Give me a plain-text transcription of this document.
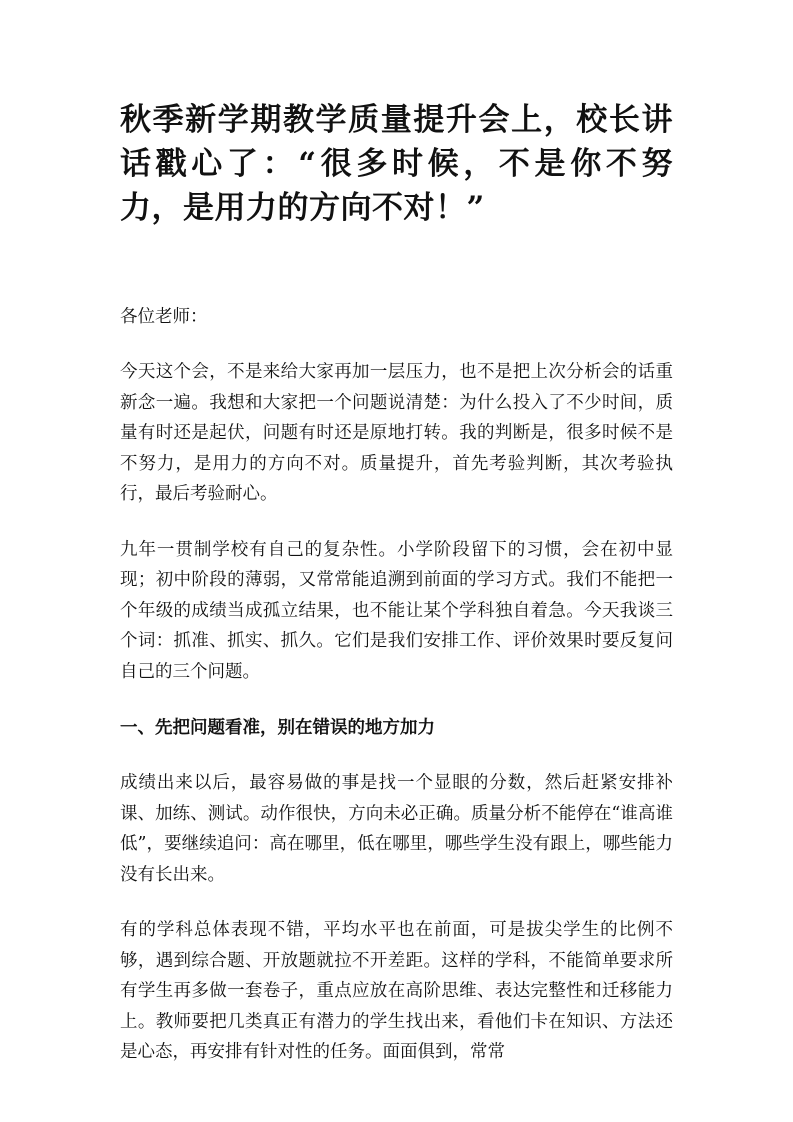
秋季新学期教学质量提升会上，校长讲话戳心了：“很多时候，不是你不努力，是用力的方向不对！”

各位老师：

今天这个会，不是来给大家再加一层压力，也不是把上次分析会的话重新念一遍。我想和大家把一个问题说清楚：为什么投入了不少时间，质量有时还是起伏，问题有时还是原地打转。我的判断是，很多时候不是不努力，是用力的方向不对。质量提升，首先考验判断，其次考验执行，最后考验耐心。

九年一贯制学校有自己的复杂性。小学阶段留下的习惯，会在初中显现；初中阶段的薄弱，又常常能追溯到前面的学习方式。我们不能把一个年级的成绩当成孤立结果，也不能让某个学科独自着急。今天我谈三个词：抓准、抓实、抓久。它们是我们安排工作、评价效果时要反复问自己的三个问题。

一、先把问题看准，别在错误的地方加力

成绩出来以后，最容易做的事是找一个显眼的分数，然后赶紧安排补课、加练、测试。动作很快，方向未必正确。质量分析不能停在“谁高谁低”，要继续追问：高在哪里，低在哪里，哪些学生没有跟上，哪些能力没有长出来。

有的学科总体表现不错，平均水平也在前面，可是拔尖学生的比例不够，遇到综合题、开放题就拉不开差距。这样的学科，不能简单要求所有学生再多做一套卷子，重点应放在高阶思维、表达完整性和迁移能力上。教师要把几类真正有潜力的学生找出来，看他们卡在知识、方法还是心态，再安排有针对性的任务。面面俱到，常常
